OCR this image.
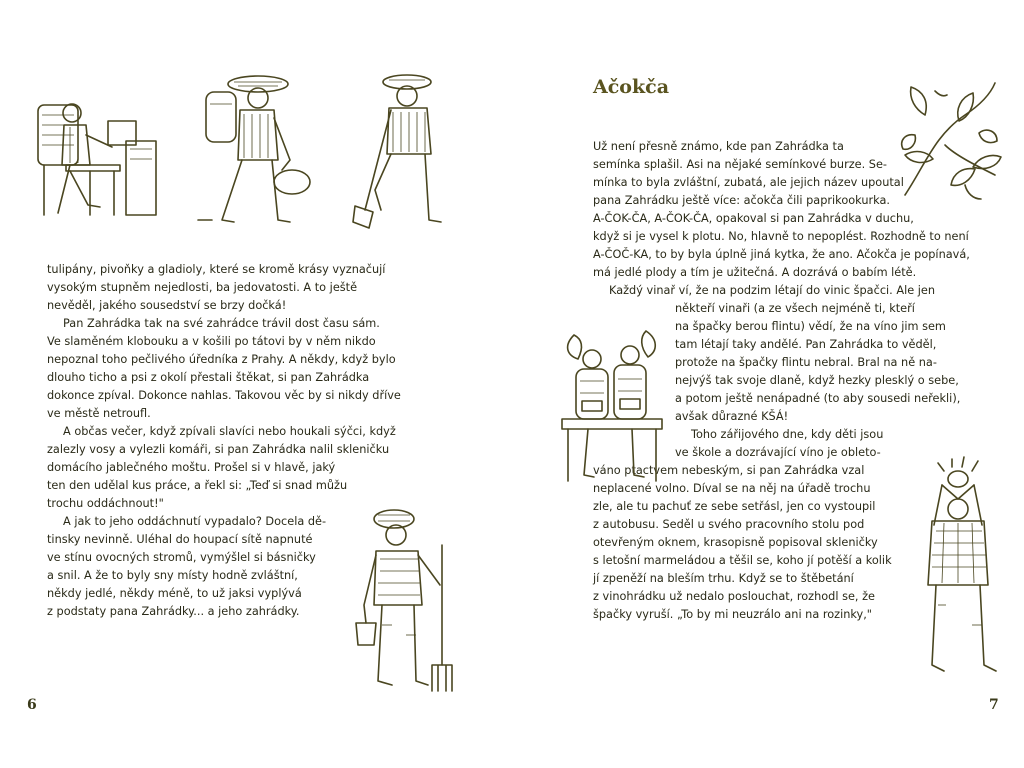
tulipány, pivoňky a gladioly, které se kromě krásy vyznačují
vysokým stupněm nejedlosti, ba jedovatosti. A to ještě
nevěděl, jakého sousedství se brzy dočká!
Pan Zahrádka tak na své zahrádce trávil dost času sám.
Ve slaměném klobouku a v košili po tátovi by v něm nikdo
nepoznal toho pečlivého úředníka z Prahy. A někdy, když bylo
dlouho ticho a psi z okolí přestali štěkat, si pan Zahrádka
dokonce zpíval. Dokonce nahlas. Takovou věc by si nikdy dříve
ve městě netroufl.
A občas večer, když zpívali slavíci nebo houkali sýčci, když
zalezly vosy a vylezli komáři, si pan Zahrádka nalil skleničku
domácího jablečného moštu. Prošel si v hlavě, jaký
ten den udělal kus práce, a řekl si: „Teď si snad můžu
trochu oddáchnout!"
A jak to jeho oddáchnutí vypadalo? Docela dě-
tinsky nevinně. Uléhal do houpací sítě napnuté
ve stínu ovocných stromů, vymýšlel si básničky
a snil. A že to byly sny místy hodně zvláštní,
někdy jedlé, někdy méně, to už jaksi vyplývá
z podstaty pana Zahrádky... a jeho zahrádky.
6
Ačokča
Už není přesně známo, kde pan Zahrádka ta
semínka splašil. Asi na nějaké semínkové burze. Se-
mínka to byla zvláštní, zubatá, ale jejich název upoutal
pana Zahrádku ještě více: ačokča čili paprikookurka.
A-ČOK-ČA, A-ČOK-ČA, opakoval si pan Zahrádka v duchu,
když si je vysel k plotu. No, hlavně to nepoplést. Rozhodně to není
A-ČOČ-KA, to by byla úplně jiná kytka, že ano. Ačokča je popínavá,
má jedlé plody a tím je užitečná. A dozrává o babím létě.
Každý vinař ví, že na podzim létají do vinic špačci. Ale jen
někteří vinaři (a ze všech nejméně ti, kteří
na špačky berou flintu) vědí, že na víno jim sem
tam létají taky andělé. Pan Zahrádka to věděl,
protože na špačky flintu nebral. Bral na ně na-
nejvýš tak svoje dlaně, když hezky plesklý o sebe,
a potom ještě nenápadné (to aby sousedi neřekli),
avšak důrazné KŠÁ!
Toho zářijového dne, kdy děti jsou
ve škole a dozrávající víno je obleto-
váno ptactvem nebeským, si pan Zahrádka vzal
neplacené volno. Díval se na něj na úřadě trochu
zle, ale tu pachuť ze sebe setřásl, jen co vystoupil
z autobusu. Seděl u svého pracovního stolu pod
otevřeným oknem, krasopisně popisoval skleničky
s letošní marmeládou a těšil se, koho jí potěší a kolik
jí zpeněží na bleším trhu. Když se to štěbetání
z vinohrádku už nedalo poslouchat, rozhodl se, že
špačky vyruší. „To by mi neuzrálo ani na rozinky,"
7
